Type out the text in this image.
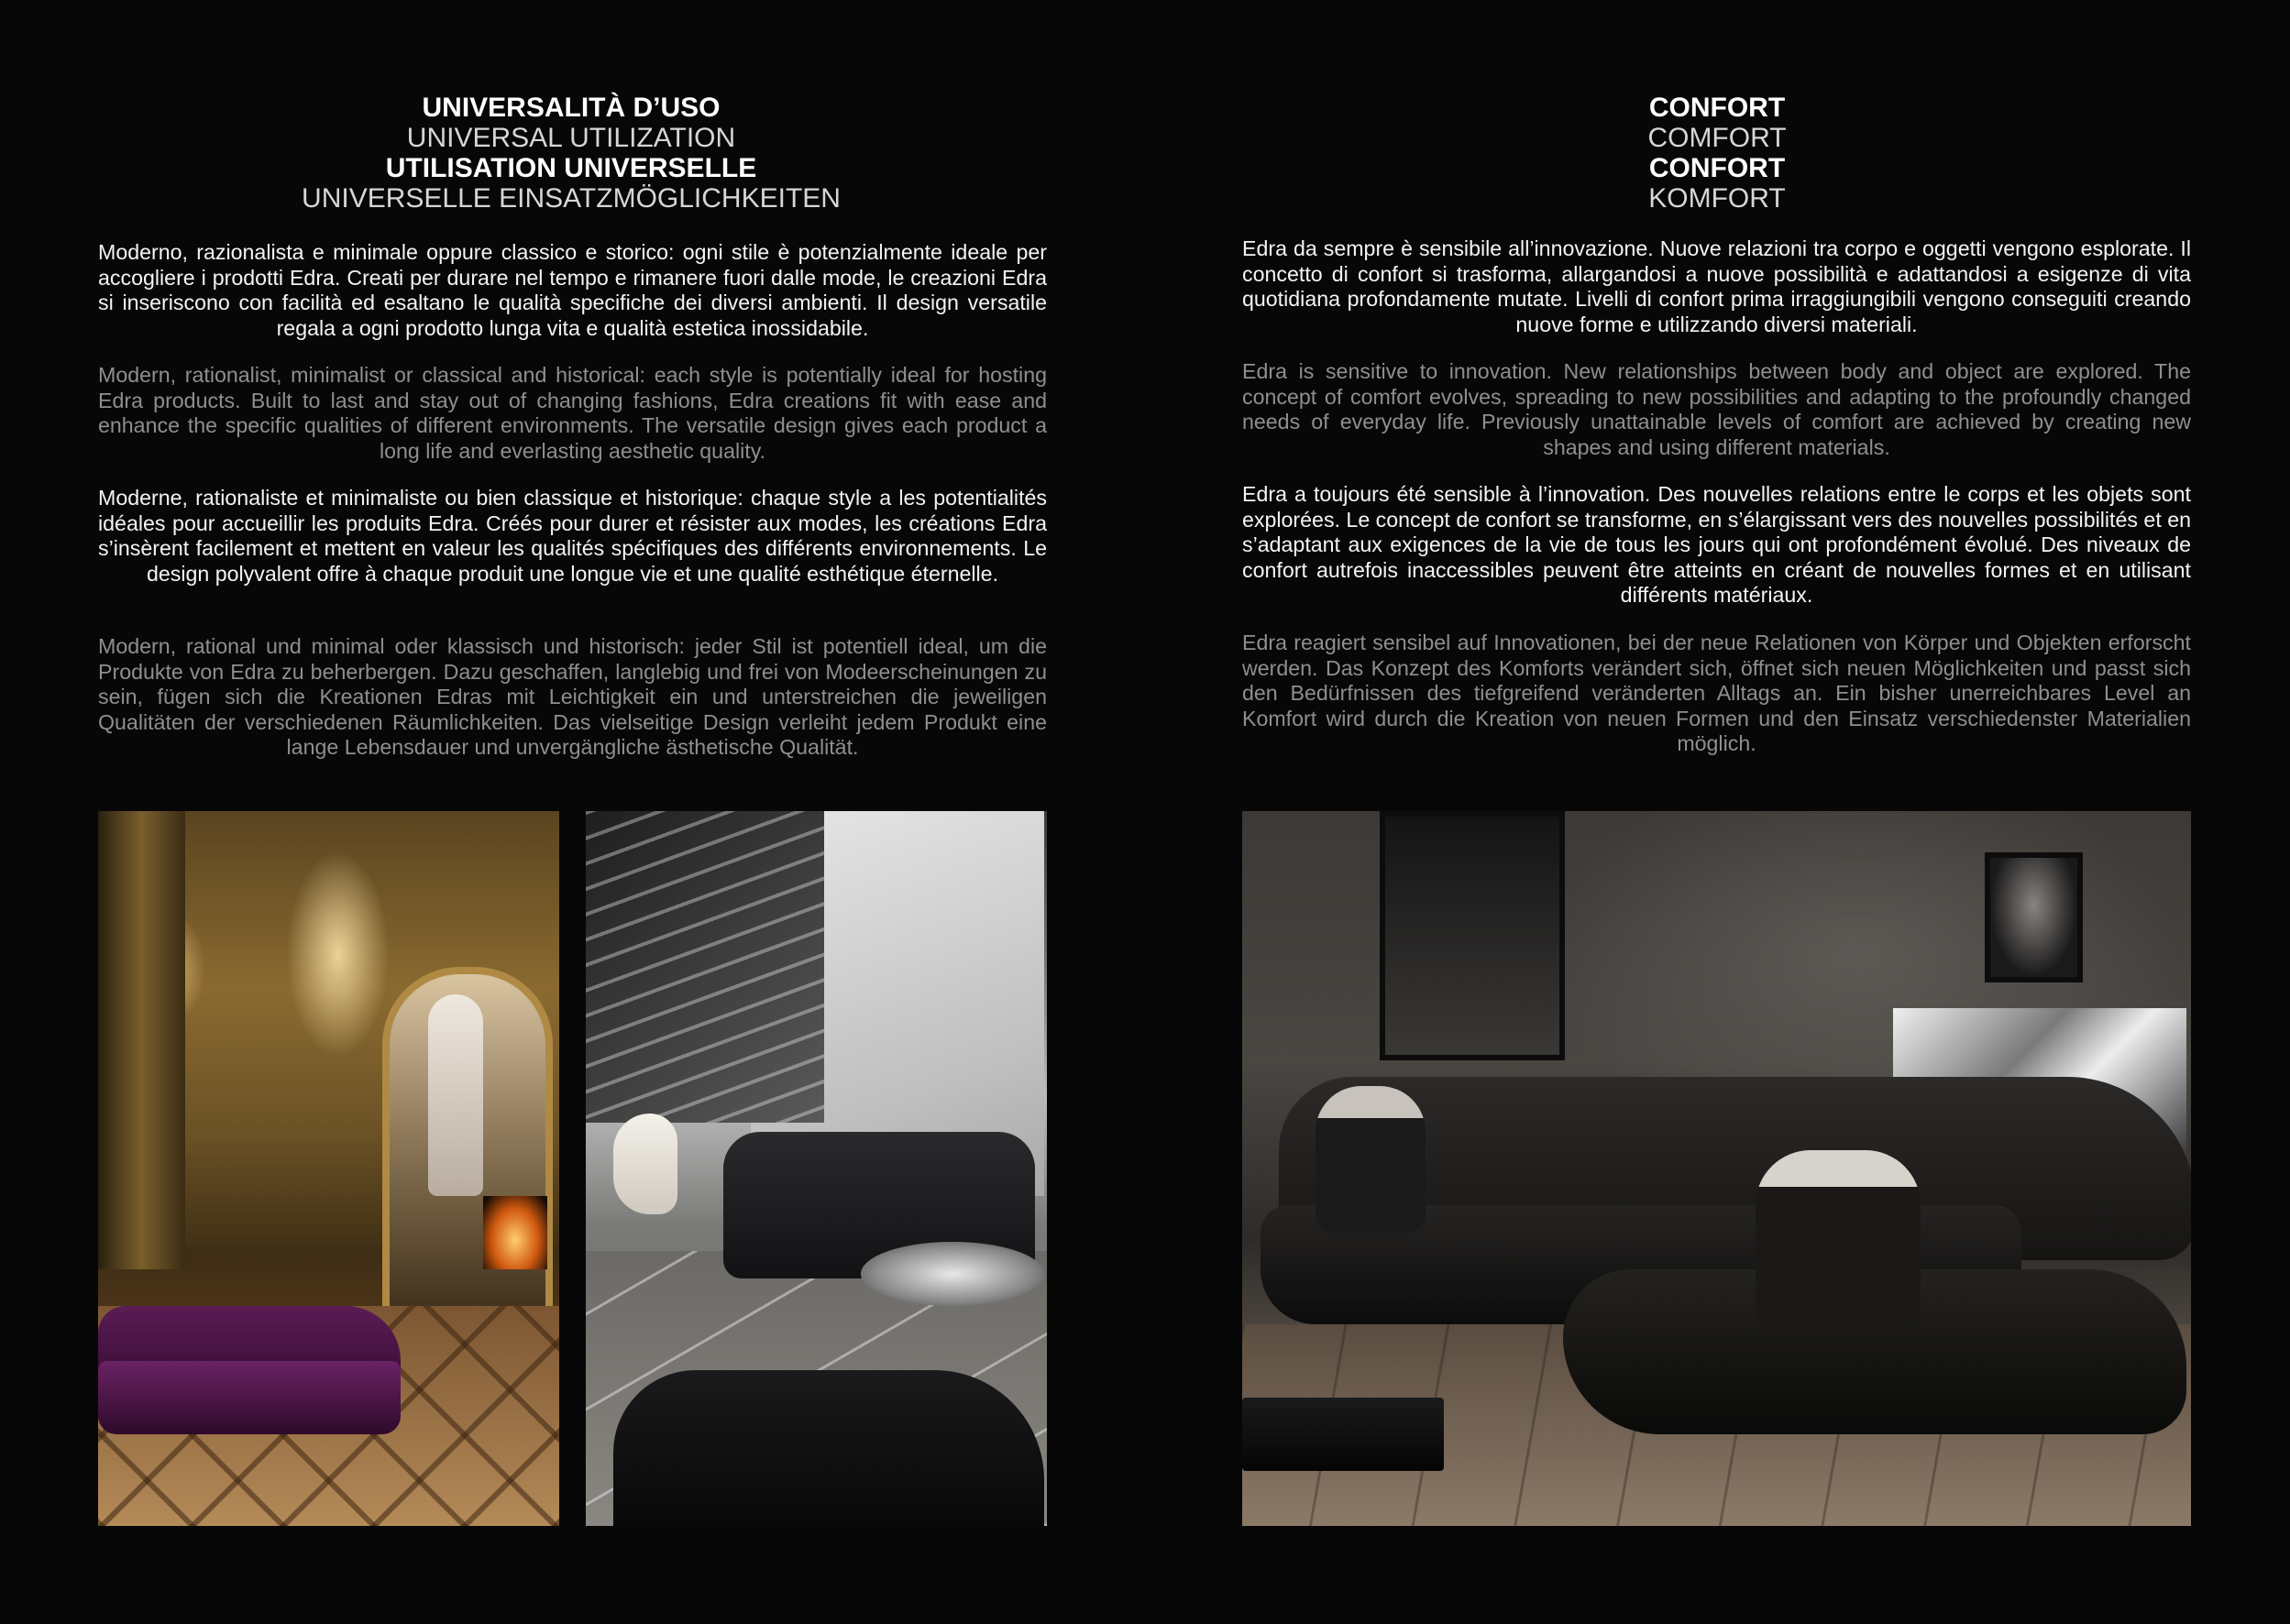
UNIVERSALITÀ D’USO
UNIVERSAL UTILIZATION
UTILISATION UNIVERSELLE
UNIVERSELLE EINSATZMÖGLICHKEITEN

Moderno, razionalista e minimale oppure classico e storico: ogni stile è potenzialmente ideale per accogliere i prodotti Edra. Creati per durare nel tempo e rimanere fuori dalle mode, le creazioni Edra si inseriscono con facilità ed esaltano le qualità specifiche dei diversi ambienti. Il design versatile regala a ogni prodotto lunga vita e qualità estetica inossidabile.

Modern, rationalist, minimalist or classical and historical: each style is potentially ideal for hosting Edra products. Built to last and stay out of changing fashions, Edra creations fit with ease and enhance the specific qualities of different environments. The versatile design gives each product a long life and everlasting aesthetic quality.

Moderne, rationaliste et minimaliste ou bien classique et historique: chaque style a les potentialités idéales pour accueillir les produits Edra. Créés pour durer et résister aux modes, les créations Edra s’insèrent facilement et mettent en valeur les qualités spécifiques des différents environnements. Le design polyvalent offre à chaque produit une longue vie et une qualité esthétique éternelle.

Modern, rational und minimal oder klassisch und historisch: jeder Stil ist potentiell ideal, um die Produkte von Edra zu beherbergen. Dazu geschaffen, langlebig und frei von Modeerscheinungen zu sein, fügen sich die Kreationen Edras mit Leichtigkeit ein und unterstreichen die jeweiligen Qualitäten der verschiedenen Räumlichkeiten. Das vielseitige Design verleiht jedem Produkt eine lange Lebensdauer und unvergängliche ästhetische Qualität.

CONFORT
COMFORT
CONFORT
KOMFORT

Edra da sempre è sensibile all’innovazione. Nuove relazioni tra corpo e oggetti vengono esplorate. Il concetto di confort si trasforma, allargandosi a nuove possibilità e adattandosi a esigenze di vita quotidiana profondamente mutate. Livelli di confort prima irraggiungibili vengono conseguiti creando nuove forme e utilizzando diversi materiali.

Edra is sensitive to innovation. New relationships between body and object are explored. The concept of comfort evolves, spreading to new possibilities and adapting to the profoundly changed needs of everyday life. Previously unattainable levels of comfort are achieved by creating new shapes and using different materials.

Edra a toujours été sensible à l’innovation. Des nouvelles relations entre le corps et les objets sont explorées. Le concept de confort se transforme, en s’élargissant vers des nouvelles possibilités et en s’adaptant aux exigences de la vie de tous les jours qui ont profondément évolué. Des niveaux de confort autrefois inaccessibles peuvent être atteints en créant de nouvelles formes et en utilisant différents matériaux.

Edra reagiert sensibel auf Innovationen, bei der neue Relationen von Körper und Objekten erforscht werden. Das Konzept des Komforts verändert sich, öffnet sich neuen Möglichkeiten und passt sich den Bedürfnissen des tiefgreifend veränderten Alltags an. Ein bisher unerreichbares Level an Komfort wird durch die Kreation von neuen Formen und den Einsatz verschiedenster Materialien möglich.
